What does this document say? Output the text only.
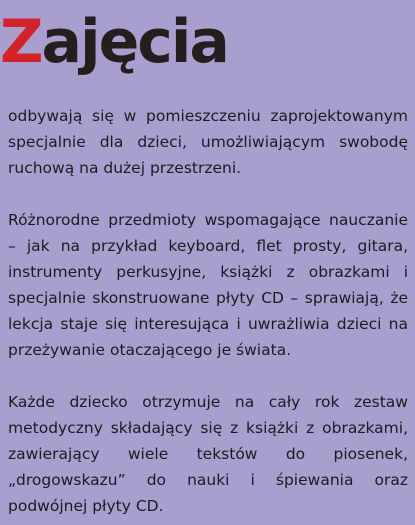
Zajęcia

odbywają się w pomieszczeniu zaprojektowanym specjalnie dla dzieci, umożliwiającym swobodę ruchową na dużej przestrzeni.

Różnorodne przedmioty wspomagające nauczanie – jak na przykład keyboard, flet prosty, gitara, instrumenty perkusyjne, książki z obrazkami i specjalnie skonstruowane płyty CD – sprawiają, że lekcja staje się interesująca i uwrażliwia dzieci na przeżywanie otaczającego je świata.

Każde dziecko otrzymuje na cały rok zestaw metodyczny składający się z książki z obrazkami, zawierający wiele tekstów do piosenek, „drogowskazu” do nauki i śpiewania oraz podwójnej płyty CD.
